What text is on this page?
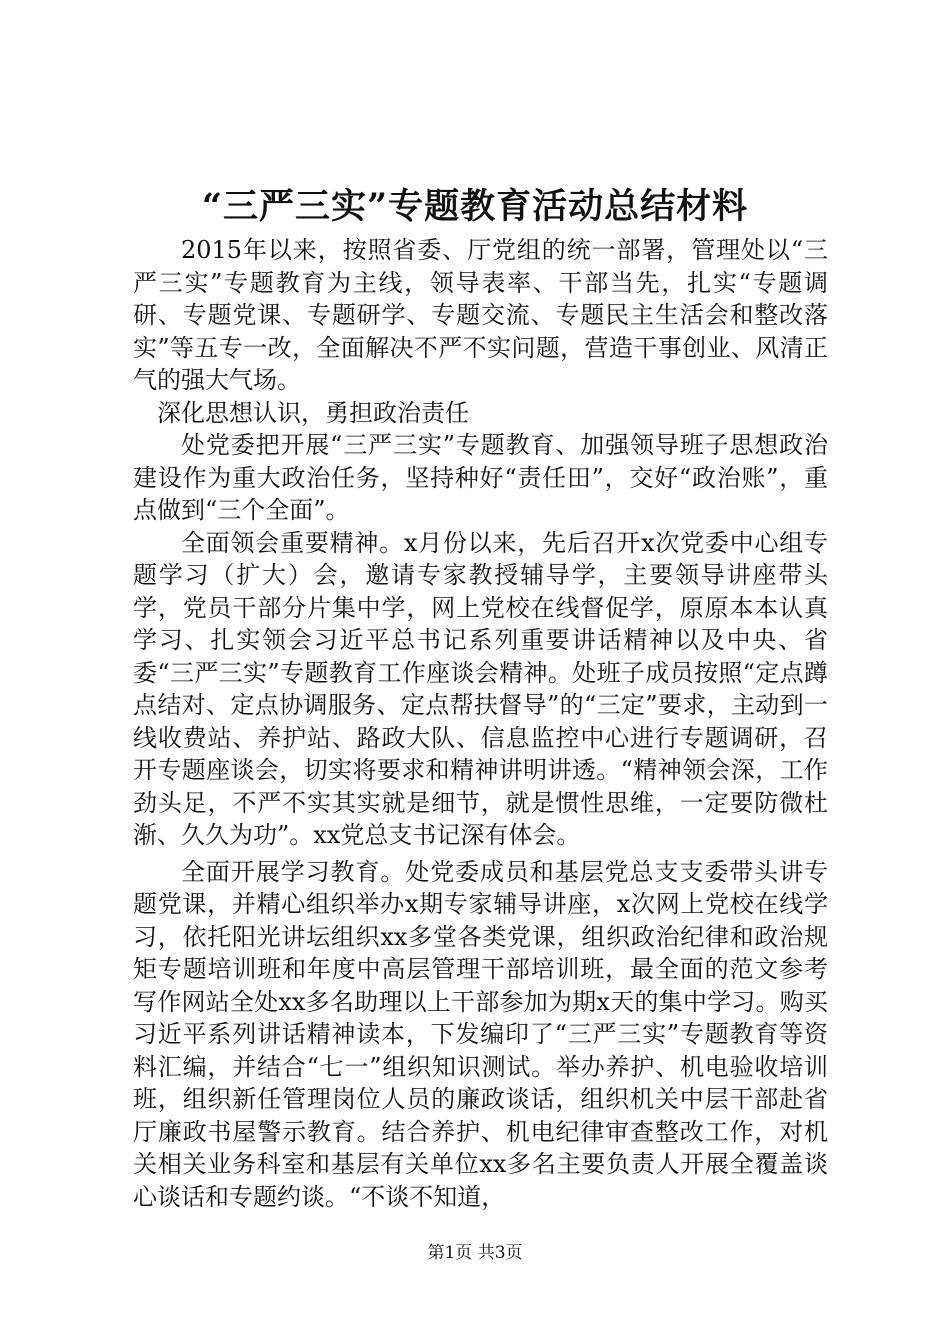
“三严三实”专题教育活动总结材料

2015年以来，按照省委、厅党组的统一部署，管理处以“三严三实”专题教育为主线，领导表率、干部当先，扎实“专题调研、专题党课、专题研学、专题交流、专题民主生活会和整改落实”等五专一改，全面解决不严不实问题，营造干事创业、风清正气的强大气场。

深化思想认识，勇担政治责任

处党委把开展“三严三实”专题教育、加强领导班子思想政治建设作为重大政治任务，坚持种好“责任田”，交好“政治账”，重点做到“三个全面”。

全面领会重要精神。x月份以来，先后召开x次党委中心组专题学习（扩大）会，邀请专家教授辅导学，主要领导讲座带头学，党员干部分片集中学，网上党校在线督促学，原原本本认真学习、扎实领会习近平总书记系列重要讲话精神以及中央、省委“三严三实”专题教育工作座谈会精神。处班子成员按照“定点蹲点结对、定点协调服务、定点帮扶督导”的“三定”要求，主动到一线收费站、养护站、路政大队、信息监控中心进行专题调研，召开专题座谈会，切实将要求和精神讲明讲透。“精神领会深，工作劲头足，不严不实其实就是细节，就是惯性思维，一定要防微杜渐、久久为功”。xx党总支书记深有体会。

全面开展学习教育。处党委成员和基层党总支支委带头讲专题党课，并精心组织举办x期专家辅导讲座，x次网上党校在线学习，依托阳光讲坛组织xx多堂各类党课，组织政治纪律和政治规矩专题培训班和年度中高层管理干部培训班，最全面的范文参考写作网站全处xx多名助理以上干部参加为期x天的集中学习。购买习近平系列讲话精神读本，下发编印了“三严三实”专题教育等资料汇编，并结合“七一”组织知识测试。举办养护、机电验收培训班，组织新任管理岗位人员的廉政谈话，组织机关中层干部赴省厅廉政书屋警示教育。结合养护、机电纪律审查整改工作，对机关相关业务科室和基层有关单位xx多名主要负责人开展全覆盖谈心谈话和专题约谈。“不谈不知道，

第1页 共3页
